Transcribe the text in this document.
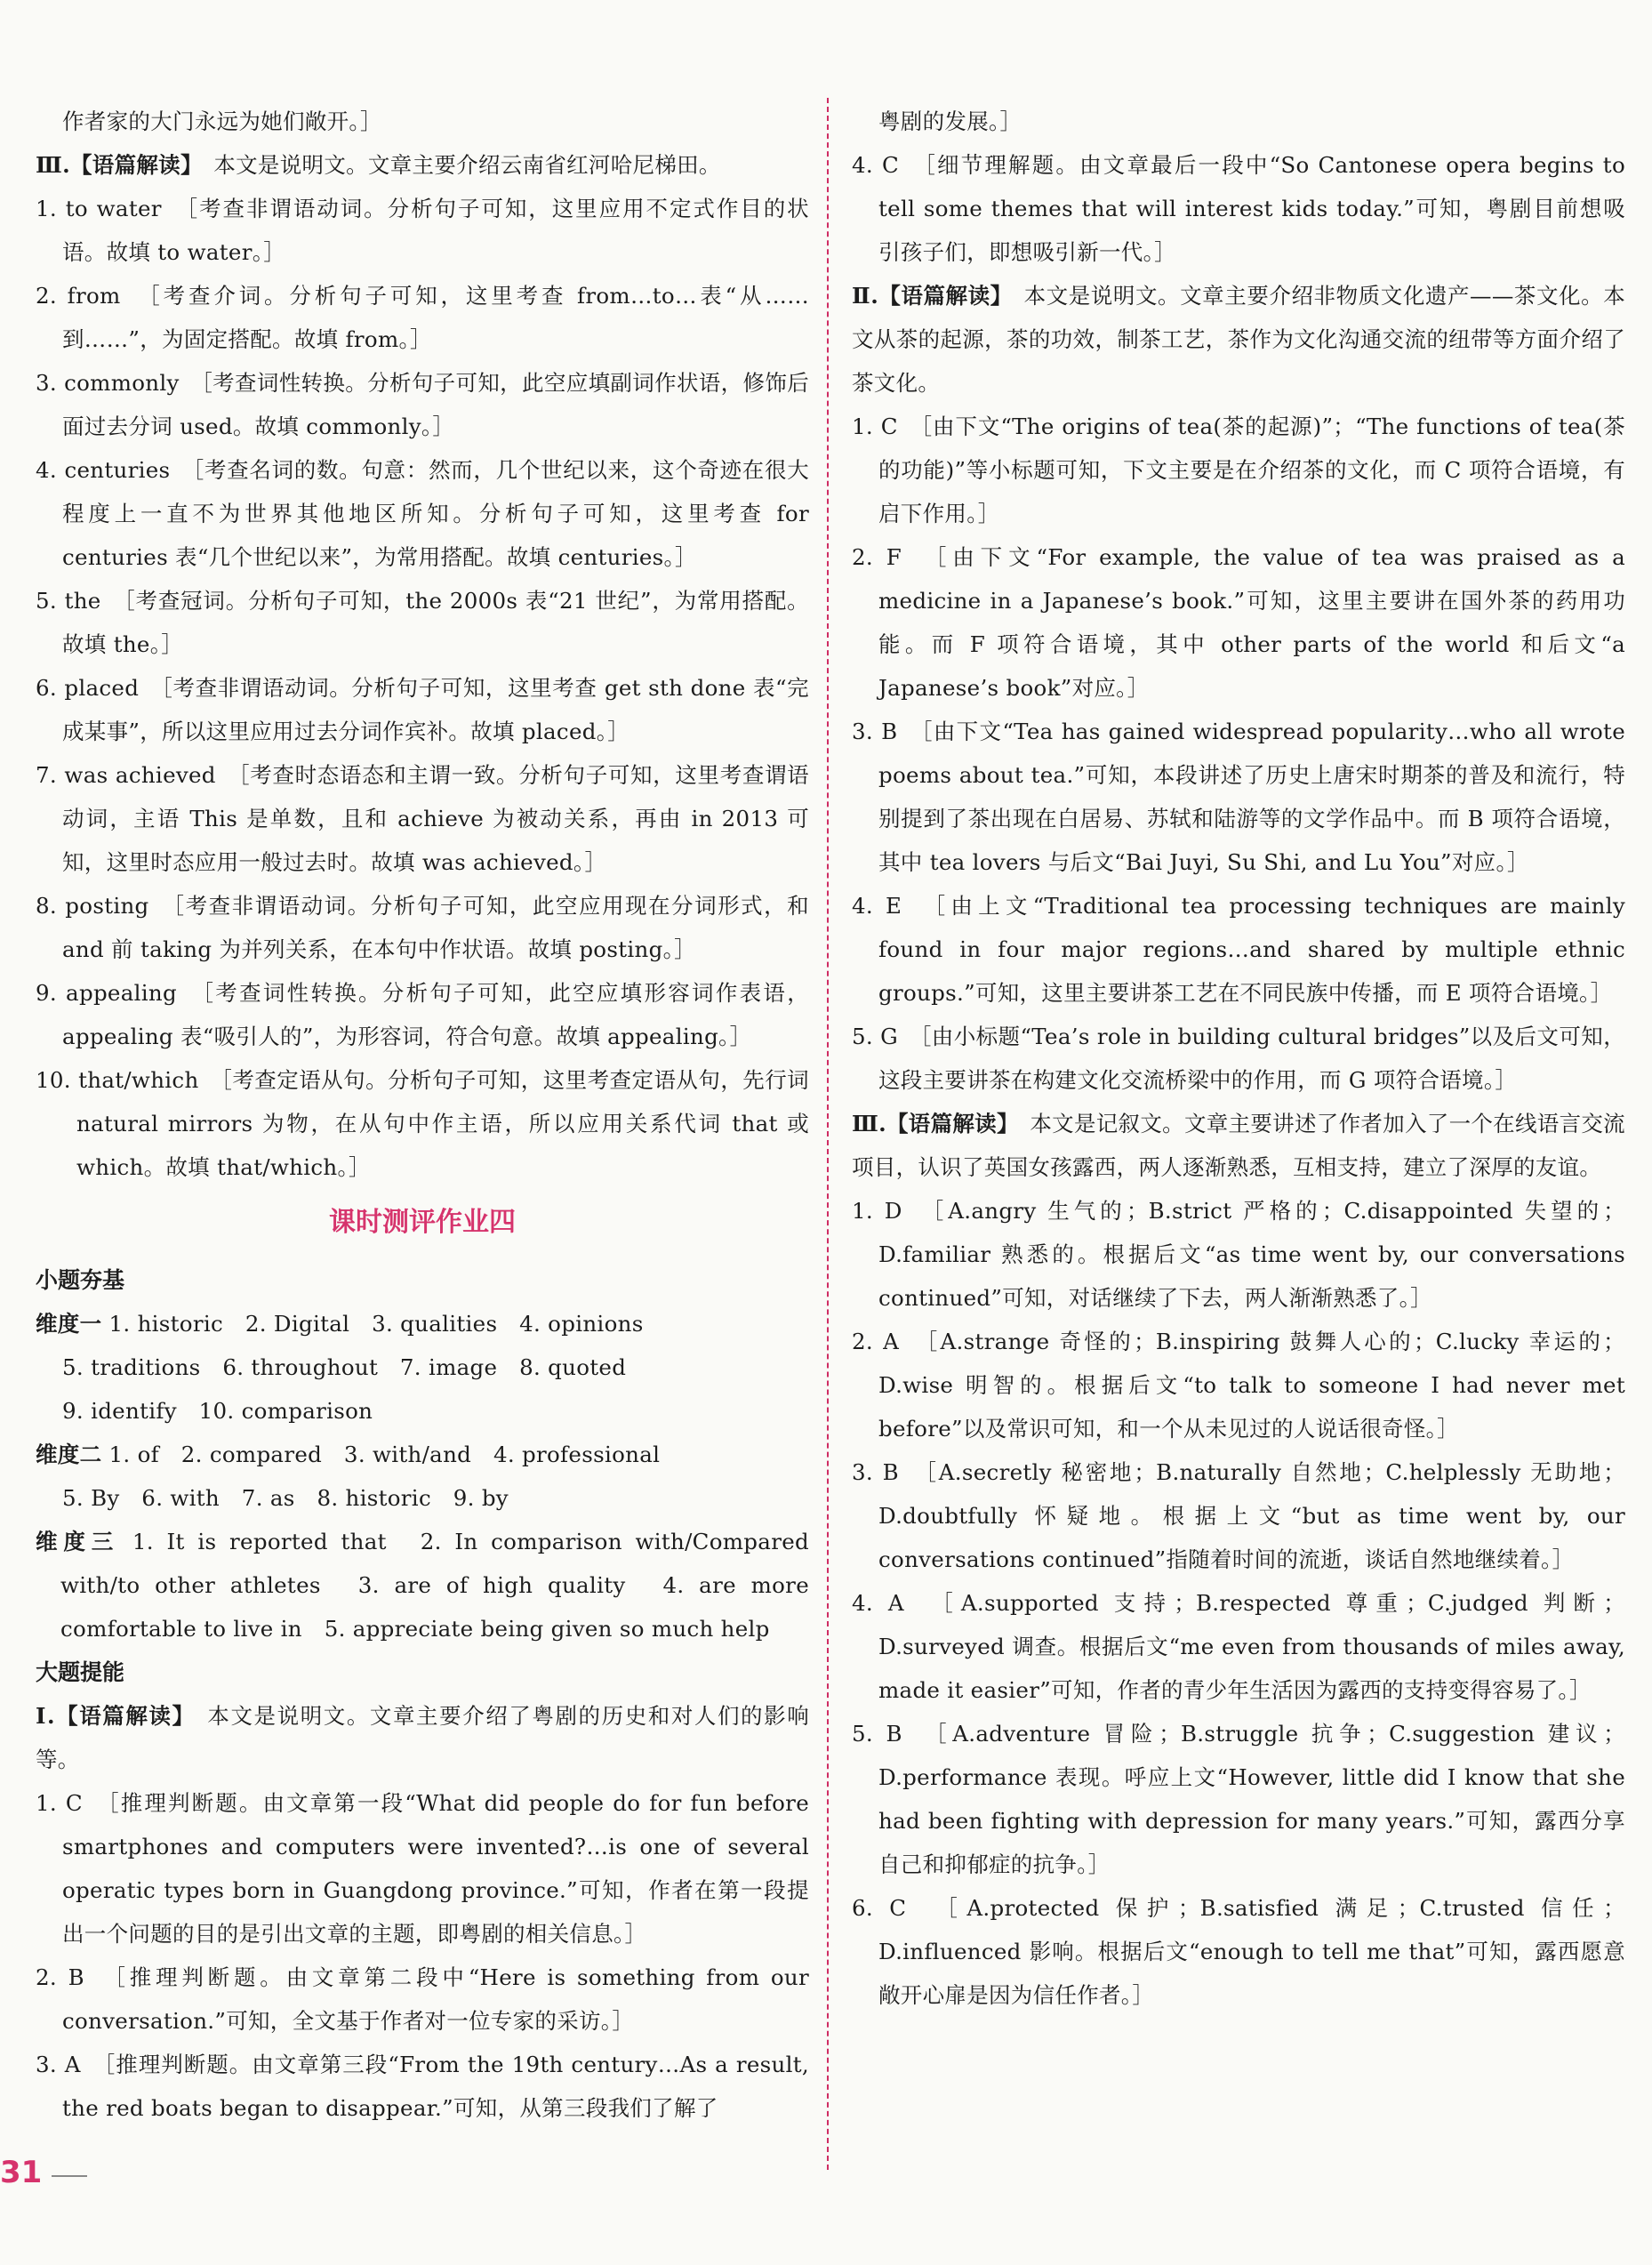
作者家的大门永远为她们敞开。］

Ⅲ.【语篇解读】　 本文是说明文。文章主要介绍云南省红河哈尼梯田。

1. to water　 ［考查非谓语动词。分析句子可知，这里应用不定式作目的状语。故填 to water。］

2. from　 ［考查介词。分析句子可知，这里考查 from…to…表“从……到……”，为固定搭配。故填 from。］

3. commonly　 ［考查词性转换。分析句子可知，此空应填副词作状语，修饰后面过去分词 used。故填 commonly。］

4. centuries　 ［考查名词的数。句意：然而，几个世纪以来，这个奇迹在很大程度上一直不为世界其他地区所知。分析句子可知，这里考查 for centuries 表“几个世纪以来”，为常用搭配。故填 centuries。］

5. the　 ［考查冠词。分析句子可知，the 2000s 表“21 世纪”，为常用搭配。故填 the。］

6. placed　 ［考查非谓语动词。分析句子可知，这里考查 get sth done 表“完成某事”，所以这里应用过去分词作宾补。故填 placed。］

7. was achieved　 ［考查时态语态和主谓一致。分析句子可知，这里考查谓语动词，主语 This 是单数，且和 achieve 为被动关系，再由 in 2013 可知，这里时态应用一般过去时。故填 was achieved。］

8. posting　 ［考查非谓语动词。分析句子可知，此空应用现在分词形式，和 and 前 taking 为并列关系，在本句中作状语。故填 posting。］

9. appealing　 ［考查词性转换。分析句子可知，此空应填形容词作表语，appealing 表“吸引人的”，为形容词，符合句意。故填 appealing。］

10. that/which　 ［考查定语从句。分析句子可知，这里考查定语从句，先行词 natural mirrors 为物，在从句中作主语，所以应用关系代词 that 或 which。故填 that/which。］

课时测评作业四

小题夯基

维度一 1. historic　2. Digital　3. qualities　4. opinions

5. traditions　6. throughout　7. image　8. quoted

9. identify　10. comparison

维度二 1. of　2. compared　3. with/and　4. professional

5. By　6. with　7. as　8. historic　9. by

维度三 1. It is reported that　2. In comparison with/Compared with/to other athletes　3. are of high quality　4. are more comfortable to live in　5. appreciate being given so much help

大题提能

Ⅰ.【语篇解读】　 本文是说明文。文章主要介绍了粤剧的历史和对人们的影响等。

1. C　 ［推理判断题。由文章第一段“What did people do for fun before smartphones and computers were invented?…is one of several operatic types born in Guangdong province.”可知，作者在第一段提出一个问题的目的是引出文章的主题，即粤剧的相关信息。］

2. B　 ［推理判断题。由文章第二段中“Here is something from our conversation.”可知，全文基于作者对一位专家的采访。］

3. A　 ［推理判断题。由文章第三段“From the 19th century…As a result, the red boats began to disappear.”可知，从第三段我们了解了

粤剧的发展。］

4. C　 ［细节理解题。由文章最后一段中“So Cantonese opera begins to tell some themes that will interest kids today.”可知，粤剧目前想吸引孩子们，即想吸引新一代。］

Ⅱ.【语篇解读】　 本文是说明文。文章主要介绍非物质文化遗产——茶文化。本文从茶的起源，茶的功效，制茶工艺，茶作为文化沟通交流的纽带等方面介绍了茶文化。

1. C　 ［由下文“The origins of tea(茶的起源)”；“The functions of tea(茶的功能)”等小标题可知，下文主要是在介绍茶的文化，而 C 项符合语境，有启下作用。］

2. F　 ［由下文“For example, the value of tea was praised as a medicine in a Japanese’s book.”可知，这里主要讲在国外茶的药用功能。而 F 项符合语境，其中 other parts of the world 和后文“a Japanese’s book”对应。］

3. B　 ［由下文“Tea has gained widespread popularity…who all wrote poems about tea.”可知，本段讲述了历史上唐宋时期茶的普及和流行，特别提到了茶出现在白居易、苏轼和陆游等的文学作品中。而 B 项符合语境，其中 tea lovers 与后文“Bai Juyi, Su Shi, and Lu You”对应。］

4. E　 ［由上文“Traditional tea processing techniques are mainly found in four major regions…and shared by multiple ethnic groups.”可知，这里主要讲茶工艺在不同民族中传播，而 E 项符合语境。］

5. G　 ［由小标题“Tea’s role in building cultural bridges”以及后文可知，这段主要讲茶在构建文化交流桥梁中的作用，而 G 项符合语境。］

Ⅲ.【语篇解读】　 本文是记叙文。文章主要讲述了作者加入了一个在线语言交流项目，认识了英国女孩露西，两人逐渐熟悉，互相支持，建立了深厚的友谊。

1. D　 ［A.angry 生气的；B.strict 严格的；C.disappointed 失望的；D.familiar 熟悉的。根据后文“as time went by, our conversations continued”可知，对话继续了下去，两人渐渐熟悉了。］

2. A　 ［A.strange 奇怪的；B.inspiring 鼓舞人心的；C.lucky 幸运的；D.wise 明智的。根据后文“to talk to someone I had never met before”以及常识可知，和一个从未见过的人说话很奇怪。］

3. B　 ［A.secretly 秘密地；B.naturally 自然地；C.helplessly 无助地；D.doubtfully 怀疑地。根据上文“but as time went by, our conversations continued”指随着时间的流逝，谈话自然地继续着。］

4. A　 ［A.supported 支持；B.respected 尊重；C.judged 判断；D.surveyed 调查。根据后文“me even from thousands of miles away, made it easier”可知，作者的青少年生活因为露西的支持变得容易了。］

5. B　 ［A.adventure 冒险；B.struggle 抗争；C.suggestion 建议；D.performance 表现。呼应上文“However, little did I know that she had been fighting with depression for many years.”可知，露西分享自己和抑郁症的抗争。］

6. C　 ［A.protected 保护；B.satisfied 满足；C.trusted 信任；D.influenced 影响。根据后文“enough to tell me that”可知，露西愿意敞开心扉是因为信任作者。］

31
